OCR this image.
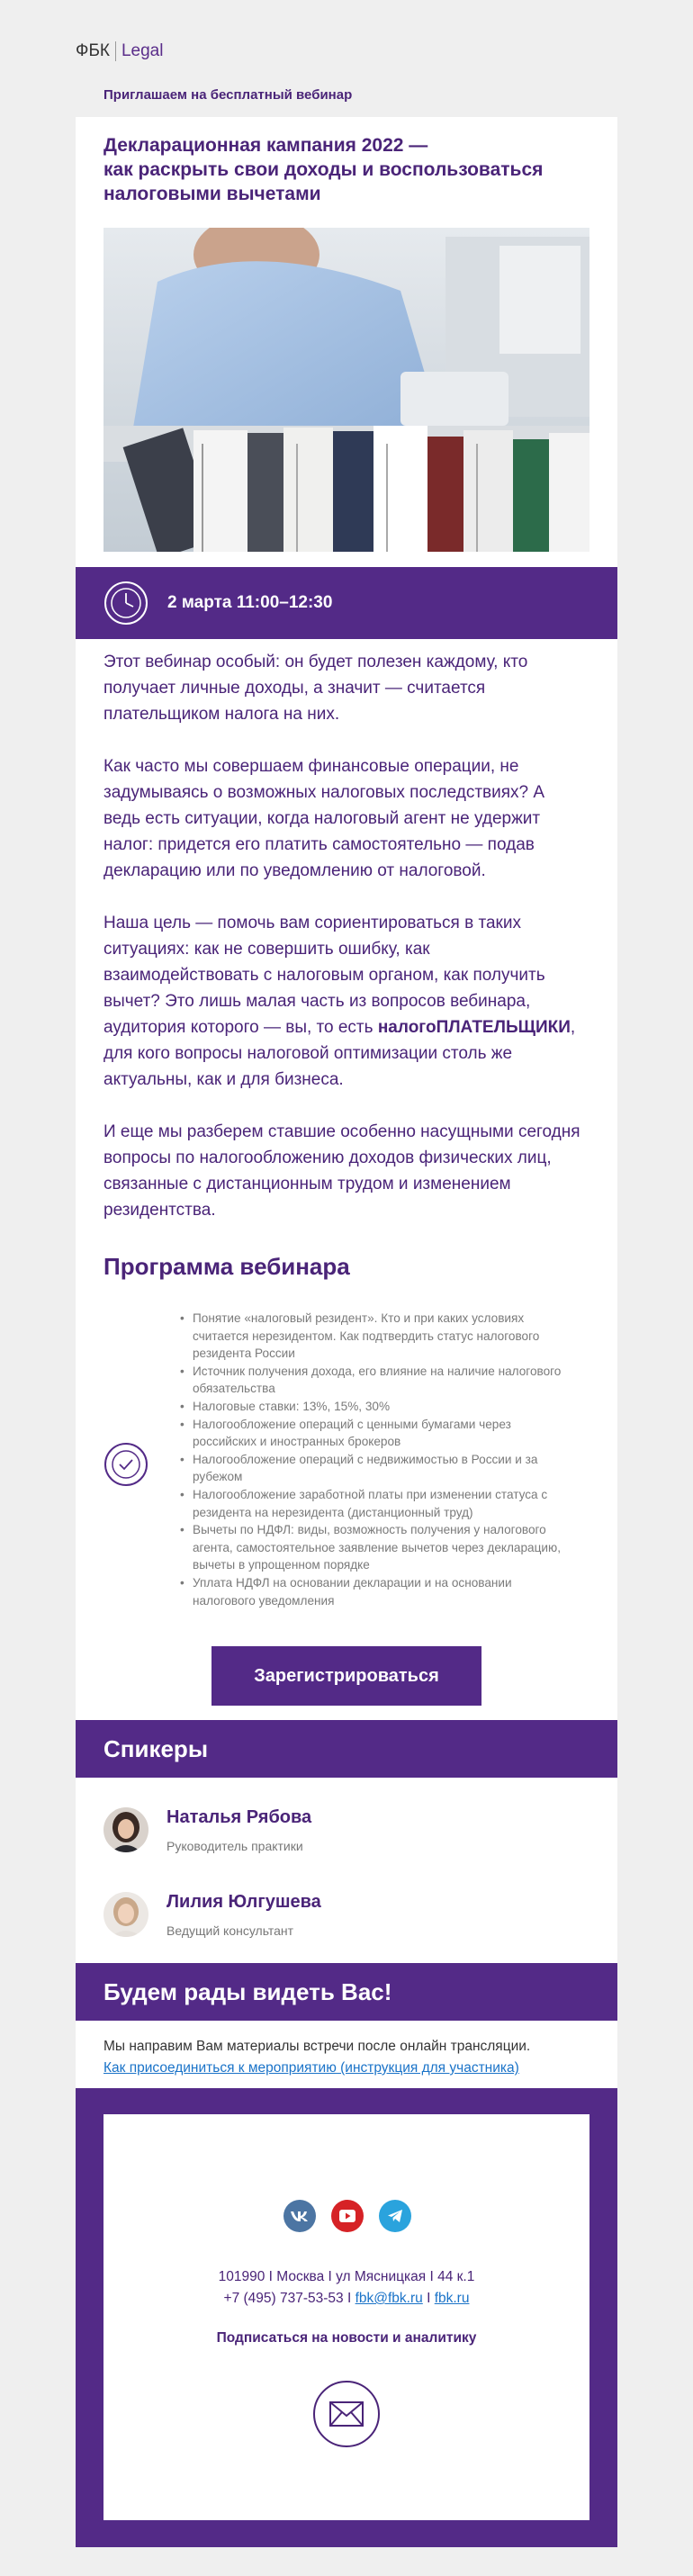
ФБК Legal
Приглашаем на бесплатный вебинар
Декларационная кампания 2022 —
как раскрыть свои доходы и воспользоваться
налоговыми вычетами
2 марта 11:00–12:30
Этот вебинар особый: он будет полезен каждому, кто получает личные доходы, а значит — считается плательщиком налога на них.
Как часто мы совершаем финансовые операции, не задумываясь о возможных налоговых последствиях? А ведь есть ситуации, когда налоговый агент не удержит налог: придется его платить самостоятельно — подав декларацию или по уведомлению от налоговой.
Наша цель — помочь вам сориентироваться в таких ситуациях: как не совершить ошибку, как взаимодействовать с налоговым органом, как получить вычет? Это лишь малая часть из вопросов вебинара, аудитория которого — вы, то есть налогоПЛАТЕЛЬЩИКИ, для кого вопросы налоговой оптимизации столь же актуальны, как и для бизнеса.
И еще мы разберем ставшие особенно насущными сегодня вопросы по налогообложению доходов физических лиц, связанные с дистанционным трудом и изменением резидентства.
Программа вебинара
• Понятие «налоговый резидент». Кто и при каких условиях считается нерезидентом. Как подтвердить статус налогового резидента России
• Источник получения дохода, его влияние на наличие налогового обязательства
• Налоговые ставки: 13%, 15%, 30%
• Налогообложение операций с ценными бумагами через российских и иностранных брокеров
• Налогообложение операций с недвижимостью в России и за рубежом
• Налогообложение заработной платы при изменении статуса с резидента на нерезидента (дистанционный труд)
• Вычеты по НДФЛ: виды, возможность получения у налогового агента, самостоятельное заявление вычетов через декларацию, вычеты в упрощенном порядке
• Уплата НДФЛ на основании декларации и на основании налогового уведомления
Зарегистрироваться
Спикеры
Наталья Рябова
Руководитель практики
Лилия Юлгушева
Ведущий консультант
Будем рады видеть Вас!
Мы направим Вам материалы встречи после онлайн трансляции.
Как присоединиться к мероприятию (инструкция для участника)
101990 I Москва I ул Мясницкая I 44 к.1
+7 (495) 737-53-53 I fbk@fbk.ru I fbk.ru
Подписаться на новости и аналитику
